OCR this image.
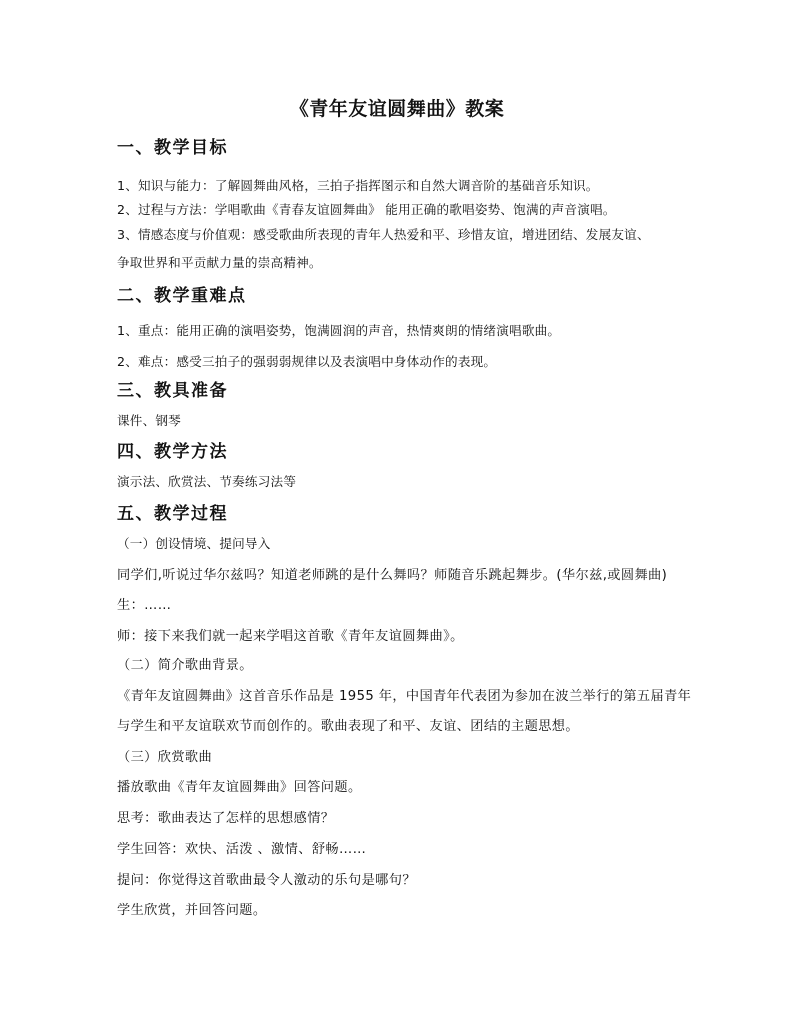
《青年友谊圆舞曲》教案
一、教学目标

1、知识与能力：了解圆舞曲风格，三拍子指挥图示和自然大调音阶的基础音乐知识。

2、过程与方法：学唱歌曲《青春友谊圆舞曲》 能用正确的歌唱姿势、饱满的声音演唱。

3、情感态度与价值观：感受歌曲所表现的青年人热爱和平、珍惜友谊，增进团结、发展友谊、

争取世界和平贡献力量的崇高精神。

二、教学重难点

1、重点：能用正确的演唱姿势，饱满圆润的声音，热情爽朗的情绪演唱歌曲。

2、难点：感受三拍子的强弱弱规律以及表演唱中身体动作的表现。

三、教具准备

课件、钢琴

四、教学方法

演示法、欣赏法、节奏练习法等

五、教学过程

（一）创设情境、提问导入

同学们,听说过华尔兹吗？知道老师跳的是什么舞吗？师随音乐跳起舞步。(华尔兹,或圆舞曲)

生：……

师：接下来我们就一起来学唱这首歌《青年友谊圆舞曲》。

（二）简介歌曲背景。

《青年友谊圆舞曲》这首音乐作品是 1955 年，中国青年代表团为参加在波兰举行的第五届青年

与学生和平友谊联欢节而创作的。歌曲表现了和平、友谊、团结的主题思想。

（三）欣赏歌曲

播放歌曲《青年友谊圆舞曲》回答问题。

思考：歌曲表达了怎样的思想感情？

学生回答：欢快、活泼 、激情、舒畅……

提问：你觉得这首歌曲最令人激动的乐句是哪句？

学生欣赏，并回答问题。
